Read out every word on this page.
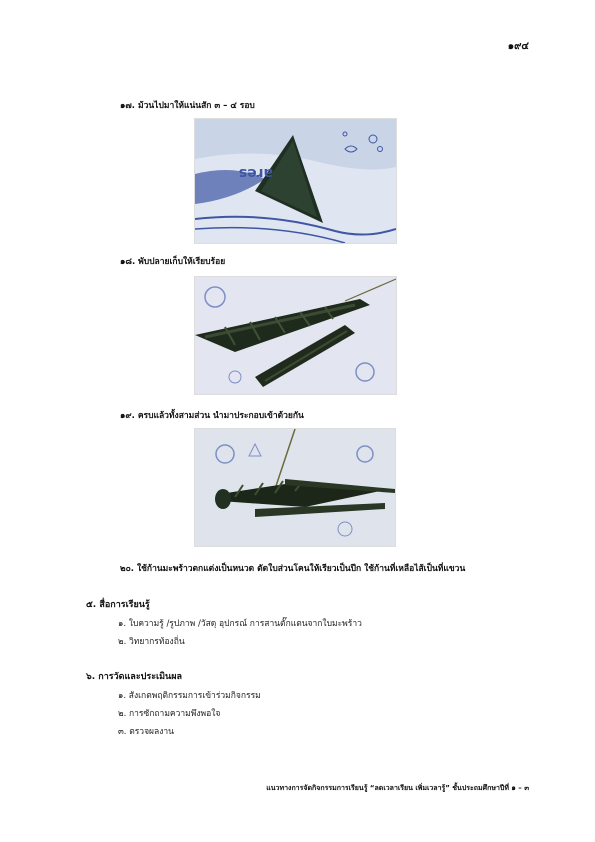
๑๙๔
๑๗. ม้วนไปมาให้แน่นสัก ๓ – ๔ รอบ
ares
๑๘. พับปลายเก็บให้เรียบร้อย
๑๙. ครบแล้วทั้งสามส่วน นำมาประกอบเข้าด้วยกัน
๒๐. ใช้ก้านมะพร้าวตกแต่งเป็นหนวด ตัดใบส่วนโคนให้เรียวเป็นปีก ใช้ก้านที่เหลือไส้เป็นที่แขวน
๕. สื่อการเรียนรู้
๑. ใบความรู้ /รูปภาพ /วัสดุ อุปกรณ์ การสานตั๊กแตนจากใบมะพร้าว
๒. วิทยากรท้องถิ่น
๖. การวัดและประเมินผล
๑. สังเกตพฤติกรรมการเข้าร่วมกิจกรรม
๒. การซักถามความพึงพอใจ
๓. ตรวจผลงาน
แนวทางการจัดกิจกรรมการเรียนรู้ “ลดเวลาเรียน เพิ่มเวลารู้” ชั้นประถมศึกษาปีที่ ๑ – ๓
